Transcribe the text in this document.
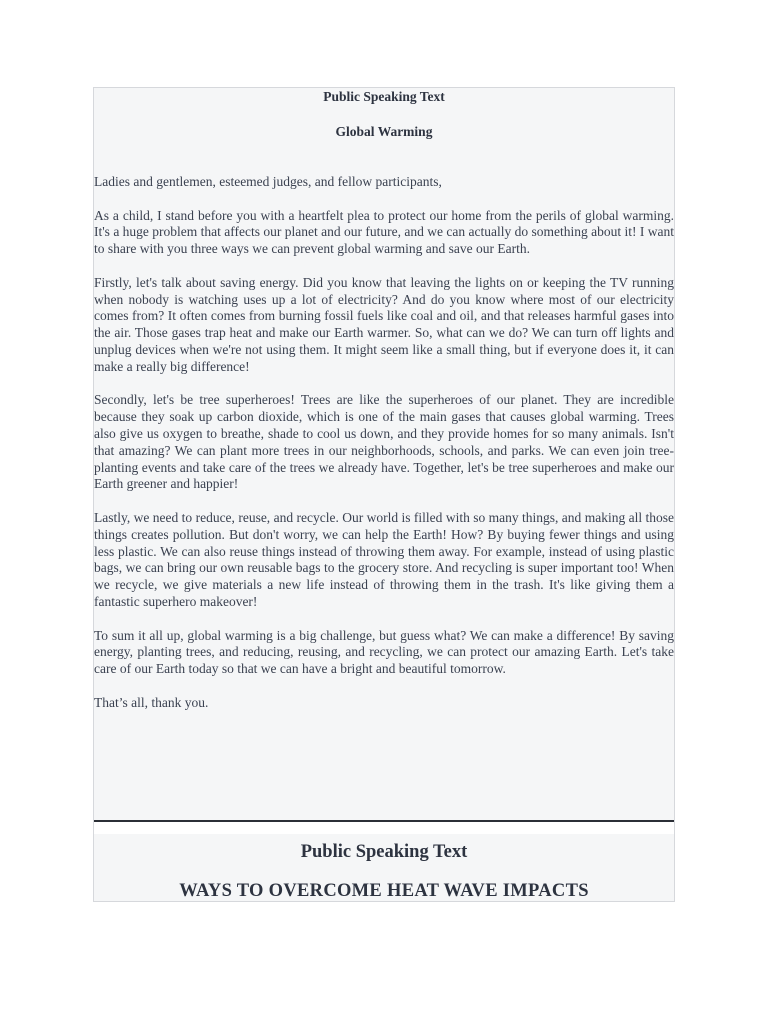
Public Speaking Text
Global Warming

Ladies and gentlemen, esteemed judges, and fellow participants,

As a child, I stand before you with a heartfelt plea to protect our home from the perils of global warming. It's a huge problem that affects our planet and our future, and we can actually do something about it! I want to share with you three ways we can prevent global warming and save our Earth.

Firstly, let's talk about saving energy. Did you know that leaving the lights on or keeping the TV running when nobody is watching uses up a lot of electricity? And do you know where most of our electricity comes from? It often comes from burning fossil fuels like coal and oil, and that releases harmful gases into the air. Those gases trap heat and make our Earth warmer. So, what can we do? We can turn off lights and unplug devices when we're not using them. It might seem like a small thing, but if everyone does it, it can make a really big difference!

Secondly, let's be tree superheroes! Trees are like the superheroes of our planet. They are incredible because they soak up carbon dioxide, which is one of the main gases that causes global warming. Trees also give us oxygen to breathe, shade to cool us down, and they provide homes for so many animals. Isn't that amazing? We can plant more trees in our neighborhoods, schools, and parks. We can even join tree-planting events and take care of the trees we already have. Together, let's be tree superheroes and make our Earth greener and happier!

Lastly, we need to reduce, reuse, and recycle. Our world is filled with so many things, and making all those things creates pollution. But don't worry, we can help the Earth! How? By buying fewer things and using less plastic. We can also reuse things instead of throwing them away. For example, instead of using plastic bags, we can bring our own reusable bags to the grocery store. And recycling is super important too! When we recycle, we give materials a new life instead of throwing them in the trash. It's like giving them a fantastic superhero makeover!

To sum it all up, global warming is a big challenge, but guess what? We can make a difference! By saving energy, planting trees, and reducing, reusing, and recycling, we can protect our amazing Earth. Let's take care of our Earth today so that we can have a bright and beautiful tomorrow.

That’s all, thank you.

Public Speaking Text
WAYS TO OVERCOME HEAT WAVE IMPACTS
